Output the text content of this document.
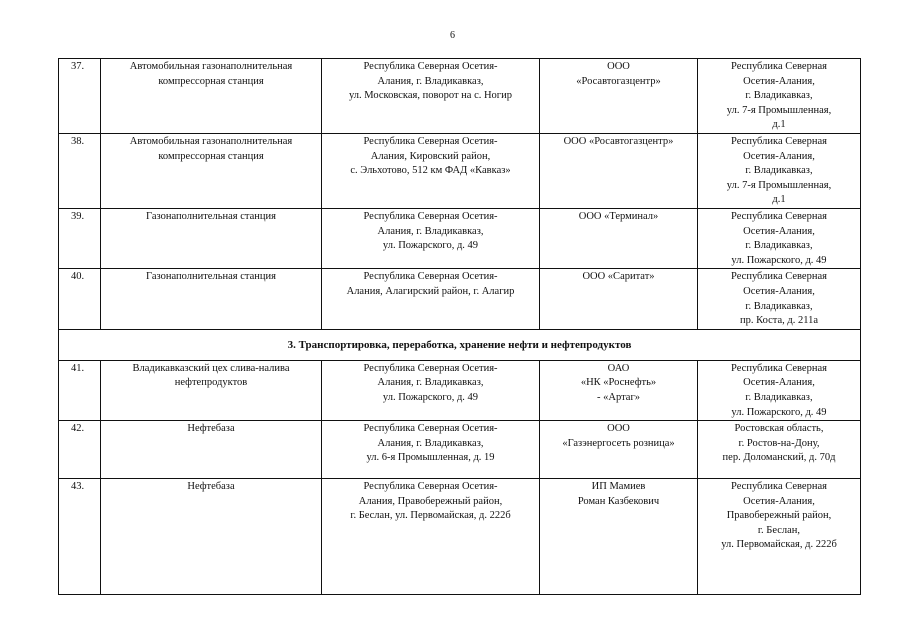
6
37.	Автомобильная газонаполнительная
компрессорная станция	Республика Северная Осетия-
Алания, г. Владикавказ,
ул. Московская, поворот на с. Ногир	ООО
«Росавтогазцентр»	Республика Северная
Осетия-Алания,
г. Владикавказ,
ул. 7-я Промышленная,
д.1

38.	Автомобильная газонаполнительная
компрессорная станция	Республика Северная Осетия-
Алания, Кировский район,
с. Эльхотово, 512 км ФАД «Кавказ»	ООО «Росавтогазцентр»	Республика Северная
Осетия-Алания,
г. Владикавказ,
ул. 7-я Промышленная,
д.1

39.	Газонаполнительная станция	Республика Северная Осетия-
Алания, г. Владикавказ,
ул. Пожарского, д. 49	ООО «Терминал»	Республика Северная
Осетия-Алания,
г. Владикавказ,
ул. Пожарского, д. 49

40.	Газонаполнительная станция	Республика Северная Осетия-
Алания, Алагирский район, г. Алагир	ООО «Саритат»	Республика Северная
Осетия-Алания,
г. Владикавказ,
пр. Коста, д. 211а

3. Транспортировка, переработка, хранение нефти и нефтепродуктов				
41.	Владикавказский цех слива-налива
нефтепродуктов	Республика Северная Осетия-
Алания, г. Владикавказ,
ул. Пожарского, д. 49	ОАО
«НК «Роснефть»
- «Артаг»	Республика Северная
Осетия-Алания,
г. Владикавказ,
ул. Пожарского, д. 49

42.	Нефтебаза	Республика Северная Осетия-
Алания, г. Владикавказ,
ул. 6-я Промышленная, д. 19	ООО
«Газэнергосеть розница»	Ростовская область,
г. Ростов-на-Дону,
пер. Доломанский, д. 70д

43.	Нефтебаза	Республика Северная Осетия-
Алания, Правобережный район,
г. Беслан, ул. Первомайская, д. 222б	ИП Мамиев
Роман Казбекович	Республика Северная
Осетия-Алания,
Правобережный район,
г. Беслан,
ул. Первомайская, д. 222б
